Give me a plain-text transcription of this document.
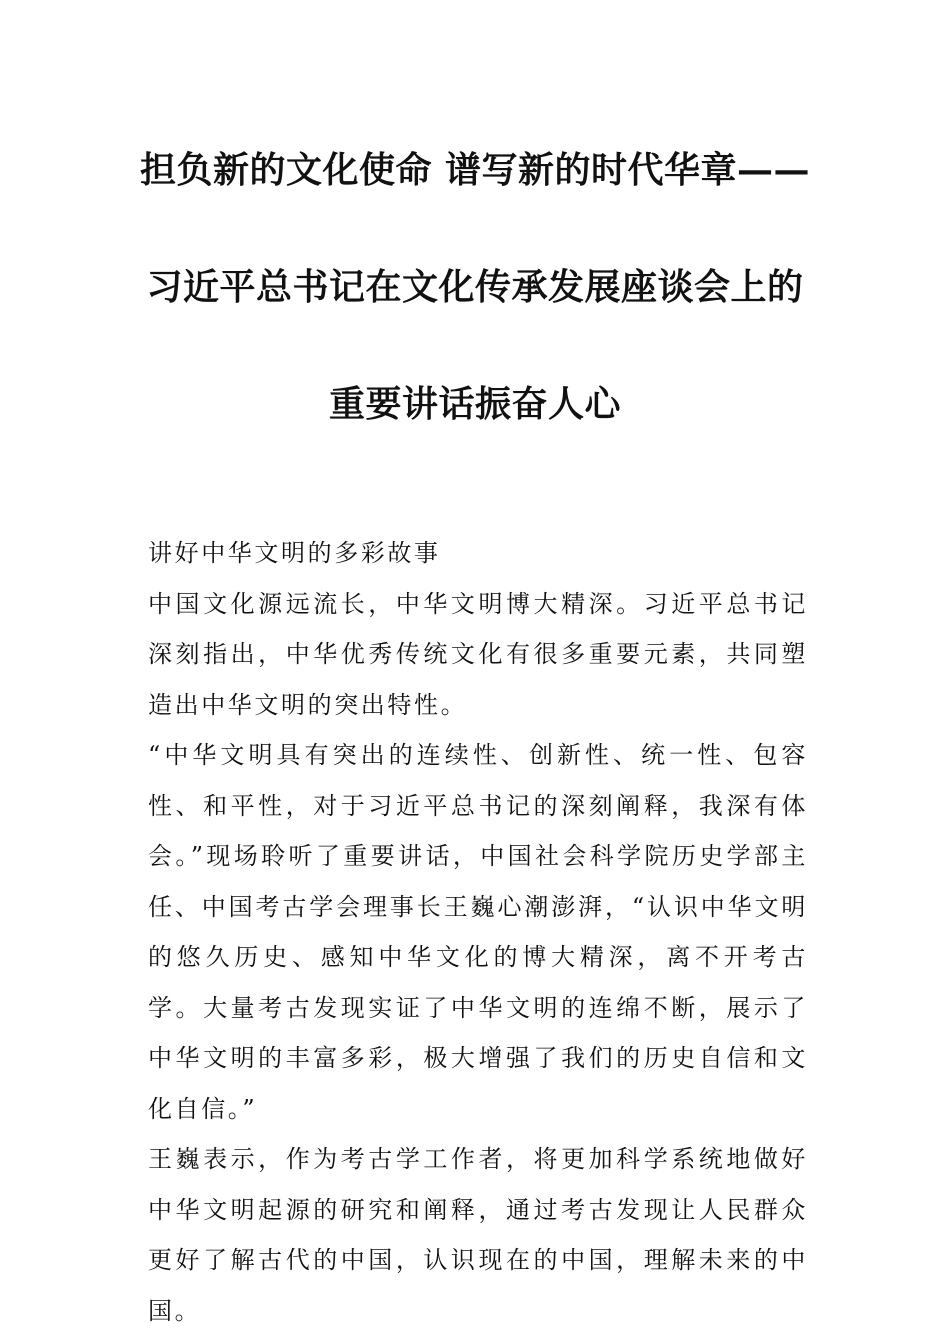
担负新的文化使命 谱写新的时代华章——
习近平总书记在文化传承发展座谈会上的
重要讲话振奋人心

讲好中华文明的多彩故事

中国文化源远流长，中华文明博大精深。习近平总书记深刻指出，中华优秀传统文化有很多重要元素，共同塑造出中华文明的突出特性。

“中华文明具有突出的连续性、创新性、统一性、包容性、和平性，对于习近平总书记的深刻阐释，我深有体会。”现场聆听了重要讲话，中国社会科学院历史学部主任、中国考古学会理事长王巍心潮澎湃，“认识中华文明的悠久历史、感知中华文化的博大精深，离不开考古学。大量考古发现实证了中华文明的连绵不断，展示了中华文明的丰富多彩，极大增强了我们的历史自信和文化自信。”

王巍表示，作为考古学工作者，将更加科学系统地做好中华文明起源的研究和阐释，通过考古发现让人民群众更好了解古代的中国，认识现在的中国，理解未来的中国。
